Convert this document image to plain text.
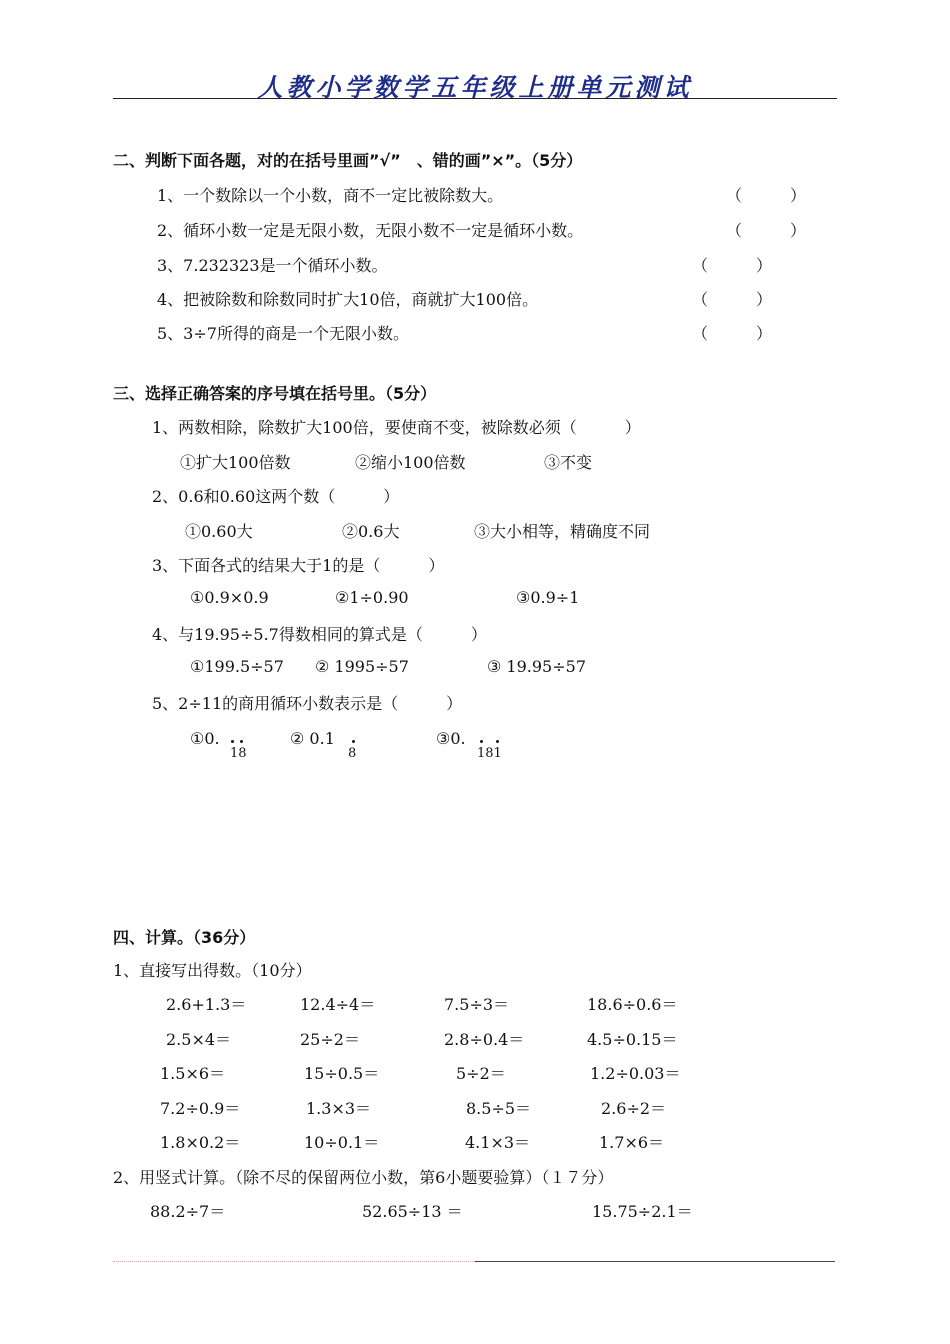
人教小学数学五年级上册单元测试
二、判断下面各题，对的在括号里画”√”　、错的画”×”。（5分）
1、一个数除以一个小数，商不一定比被除数大。	（　　　）
2、循环小数一定是无限小数，无限小数不一定是循环小数。	（　　　）
3、7.232323是一个循环小数。	（　　　）
4、把被除数和除数同时扩大10倍，商就扩大100倍。	（　　　）
5、3÷7所得的商是一个无限小数。	（　　　）
三、选择正确答案的序号填在括号里。（5分）
1、两数相除，除数扩大100倍，要使商不变，被除数必须（　　　）
①扩大100倍数	②缩小100倍数	③不变
2、0.6和0.60这两个数（　　　）
①0.60大	②0.6大	③大小相等，精确度不同
3、下面各式的结果大于1的是（　　　）
①0.9×0.9	②1÷0.90	③0.9÷1
4、与19.95÷5.7得数相同的算式是（　　　）
①199.5÷57 ② 1995÷57	③ 19.95÷57
5、2÷11的商用循环小数表示是（　　　）
①0.
18
② 0.1
8
③0.
181
四、计算。（36分）
1、直接写出得数。（10分）
2.6+1.3＝	12.4÷4＝	7.5÷3＝	18.6÷0.6＝
2.5×4＝	25÷2＝	2.8÷0.4＝	4.5÷0.15＝
1.5×6＝	15÷0.5＝	5÷2＝	1.2÷0.03＝
7.2÷0.9＝	1.3×3＝	8.5÷5＝	2.6÷2＝
1.8×0.2＝	10÷0.1＝	4.1×3＝	1.7×6＝
2、用竖式计算。（除不尽的保留两位小数，第6小题要验算）（１７分）
88.2÷7＝	52.65÷13 ＝	15.75÷2.1＝
